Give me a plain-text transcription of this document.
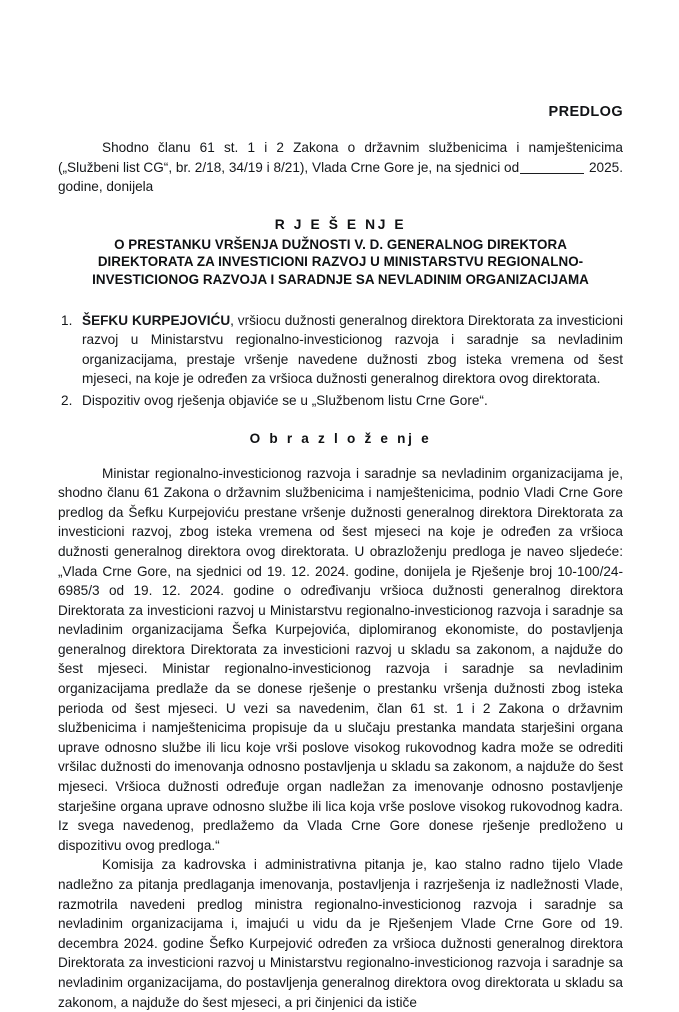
PREDLOG

Shodno članu 61 st. 1 i 2 Zakona o državnim službenicima i namještenicima („Službeni list CG“, br. 2/18, 34/19 i 8/21), Vlada Crne Gore je, na sjednici od	2025. godine, donijela

R J E Š E NJ E
O PRESTANKU VRŠENJA DUŽNOSTI V. D. GENERALNOG DIREKTORA
DIREKTORATA ZA INVESTICIONI RAZVOJ U MINISTARSTVU REGIONALNO-
INVESTICIONOG RAZVOJA I SARADNJE SA NEVLADINIM ORGANIZACIJAMA
ŠEFKU KURPEJOVIĆU, vršiocu dužnosti generalnog direktora Direktorata za investicioni razvoj u Ministarstvu regionalno-investicionog razvoja i saradnje sa nevladinim organizacijama, prestaje vršenje navedene dužnosti zbog isteka vremena od šest mjeseci, na koje je određen za vršioca dužnosti generalnog direktora ovog direktorata.
Dispozitiv ovog rješenja objaviće se u „Službenom listu Crne Gore“.
O b r a z l o ž e nj e

Ministar regionalno-investicionog razvoja i saradnje sa nevladinim organizacijama je, shodno članu 61 Zakona o državnim službenicima i namještenicima, podnio Vladi Crne Gore predlog da Šefku Kurpejoviću prestane vršenje dužnosti generalnog direktora Direktorata za investicioni razvoj, zbog isteka vremena od šest mjeseci na koje je određen za vršioca dužnosti generalnog direktora ovog direktorata. U obrazloženju predloga je naveo sljedeće: „Vlada Crne Gore, na sjednici od 19. 12. 2024. godine, donijela je Rješenje broj 10-100/24-6985/3 od 19. 12. 2024. godine o određivanju vršioca dužnosti generalnog direktora Direktorata za investicioni razvoj u Ministarstvu regionalno-investicionog razvoja i saradnje sa nevladinim organizacijama Šefka Kurpejovića, diplomiranog ekonomiste, do postavljenja generalnog direktora Direktorata za investicioni razvoj u skladu sa zakonom, a najduže do šest mjeseci. Ministar regionalno-investicionog razvoja i saradnje sa nevladinim organizacijama predlaže da se donese rješenje o prestanku vršenja dužnosti zbog isteka perioda od šest mjeseci. U vezi sa navedenim, član 61 st. 1 i 2 Zakona o državnim službenicima i namještenicima propisuje da u slučaju prestanka mandata starješini organa uprave odnosno službe ili licu koje vrši poslove visokog rukovodnog kadra može se odrediti vršilac dužnosti do imenovanja odnosno postavljenja u skladu sa zakonom, a najduže do šest mjeseci. Vršioca dužnosti određuje organ nadležan za imenovanje odnosno postavljenje starješine organa uprave odnosno službe ili lica koja vrše poslove visokog rukovodnog kadra. Iz svega navedenog, predlažemo da Vlada Crne Gore donese rješenje predloženo u dispozitivu ovog predloga.“

Komisija za kadrovska i administrativna pitanja je, kao stalno radno tijelo Vlade nadležno za pitanja predlaganja imenovanja, postavljenja i razrješenja iz nadležnosti Vlade, razmotrila navedeni predlog ministra regionalno-investicionog razvoja i saradnje sa nevladinim organizacijama i, imajući u vidu da je Rješenjem Vlade Crne Gore od 19. decembra 2024. godine Šefko Kurpejović određen za vršioca dužnosti generalnog direktora Direktorata za investicioni razvoj u Ministarstvu regionalno-investicionog razvoja i saradnje sa nevladinim organizacijama, do postavljenja generalnog direktora ovog direktorata u skladu sa zakonom, a najduže do šest mjeseci, a pri činjenici da ističe
